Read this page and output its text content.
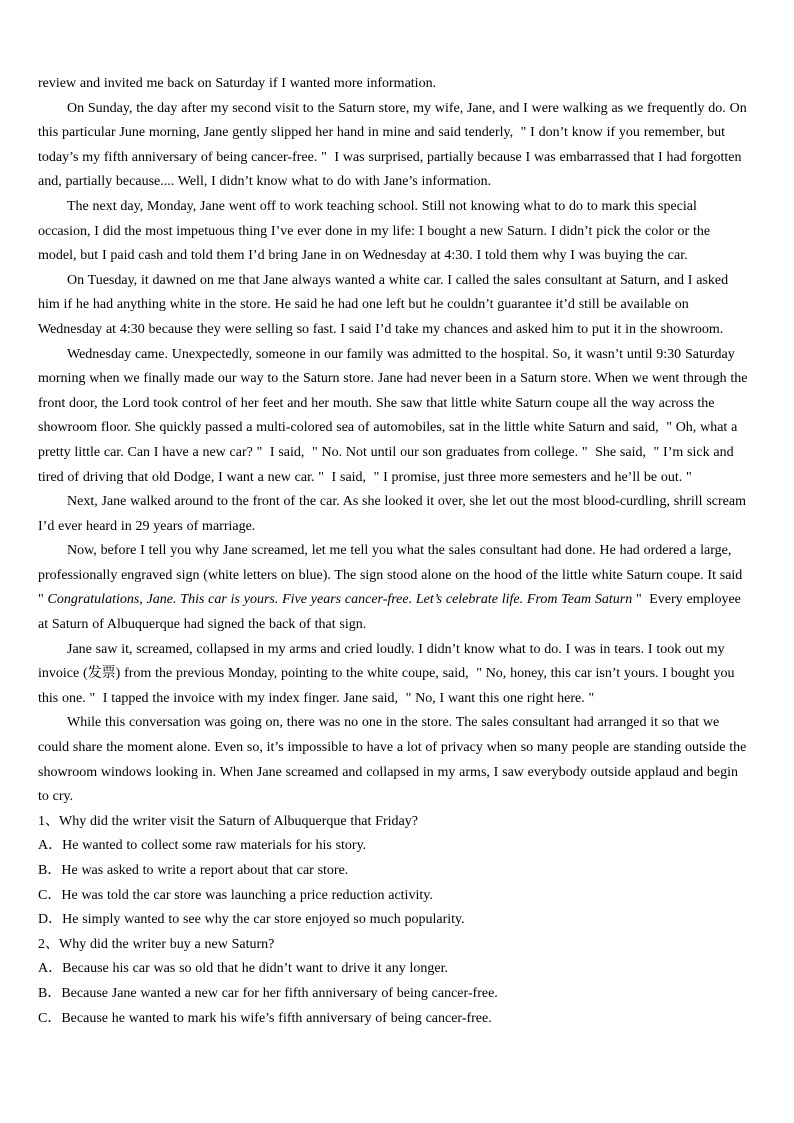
review and invited me back on Saturday if I wanted more information.

On Sunday, the day after my second visit to the Saturn store, my wife, Jane, and I were walking as we frequently do. On this particular June morning, Jane gently slipped her hand in mine and said tenderly,  " I don’t know if you remember, but today’s my fifth anniversary of being cancer-free. "  I was surprised, partially because I was embarrassed that I had forgotten and, partially because.... Well, I didn’t know what to do with Jane’s information.

The next day, Monday, Jane went off to work teaching school. Still not knowing what to do to mark this special occasion, I did the most impetuous thing I’ve ever done in my life: I bought a new Saturn. I didn’t pick the color or the model, but I paid cash and told them I’d bring Jane in on Wednesday at 4:30. I told them why I was buying the car.

On Tuesday, it dawned on me that Jane always wanted a white car. I called the sales consultant at Saturn, and I asked him if he had anything white in the store. He said he had one left but he couldn’t guarantee it’d still be available on Wednesday at 4:30 because they were selling so fast. I said I’d take my chances and asked him to put it in the showroom.

Wednesday came. Unexpectedly, someone in our family was admitted to the hospital. So, it wasn’t until 9:30 Saturday morning when we finally made our way to the Saturn store. Jane had never been in a Saturn store. When we went through the front door, the Lord took control of her feet and her mouth. She saw that little white Saturn coupe all the way across the showroom floor. She quickly passed a multi-colored sea of automobiles, sat in the little white Saturn and said,  " Oh, what a pretty little car. Can I have a new car? "  I said,  " No. Not until our son graduates from college. "  She said,  " I’m sick and tired of driving that old Dodge, I want a new car. "  I said,  " I promise, just three more semesters and he’ll be out. "

Next, Jane walked around to the front of the car. As she looked it over, she let out the most blood-curdling, shrill scream I’d ever heard in 29 years of marriage.

Now, before I tell you why Jane screamed, let me tell you what the sales consultant had done. He had ordered a large, professionally engraved sign (white letters on blue). The sign stood alone on the hood of the little white Saturn coupe. It said  " Congratulations, Jane. This car is yours. Five years cancer-free. Let’s celebrate life. From Team Saturn "  Every employee at Saturn of Albuquerque had signed the back of that sign.

Jane saw it, screamed, collapsed in my arms and cried loudly. I didn’t know what to do. I was in tears. I took out my invoice (发票) from the previous Monday, pointing to the white coupe, said,  " No, honey, this car isn’t yours. I bought you this one. "  I tapped the invoice with my index finger. Jane said,  " No, I want this one right here. "

While this conversation was going on, there was no one in the store. The sales consultant had arranged it so that we could share the moment alone. Even so, it’s impossible to have a lot of privacy when so many people are standing outside the showroom windows looking in. When Jane screamed and collapsed in my arms, I saw everybody outside applaud and begin to cry.

1、Why did the writer visit the Saturn of Albuquerque that Friday?

A．He wanted to collect some raw materials for his story.

B．He was asked to write a report about that car store.

C．He was told the car store was launching a price reduction activity.

D．He simply wanted to see why the car store enjoyed so much popularity.

2、Why did the writer buy a new Saturn?

A．Because his car was so old that he didn’t want to drive it any longer.

B．Because Jane wanted a new car for her fifth anniversary of being cancer-free.

C．Because he wanted to mark his wife’s fifth anniversary of being cancer-free.
